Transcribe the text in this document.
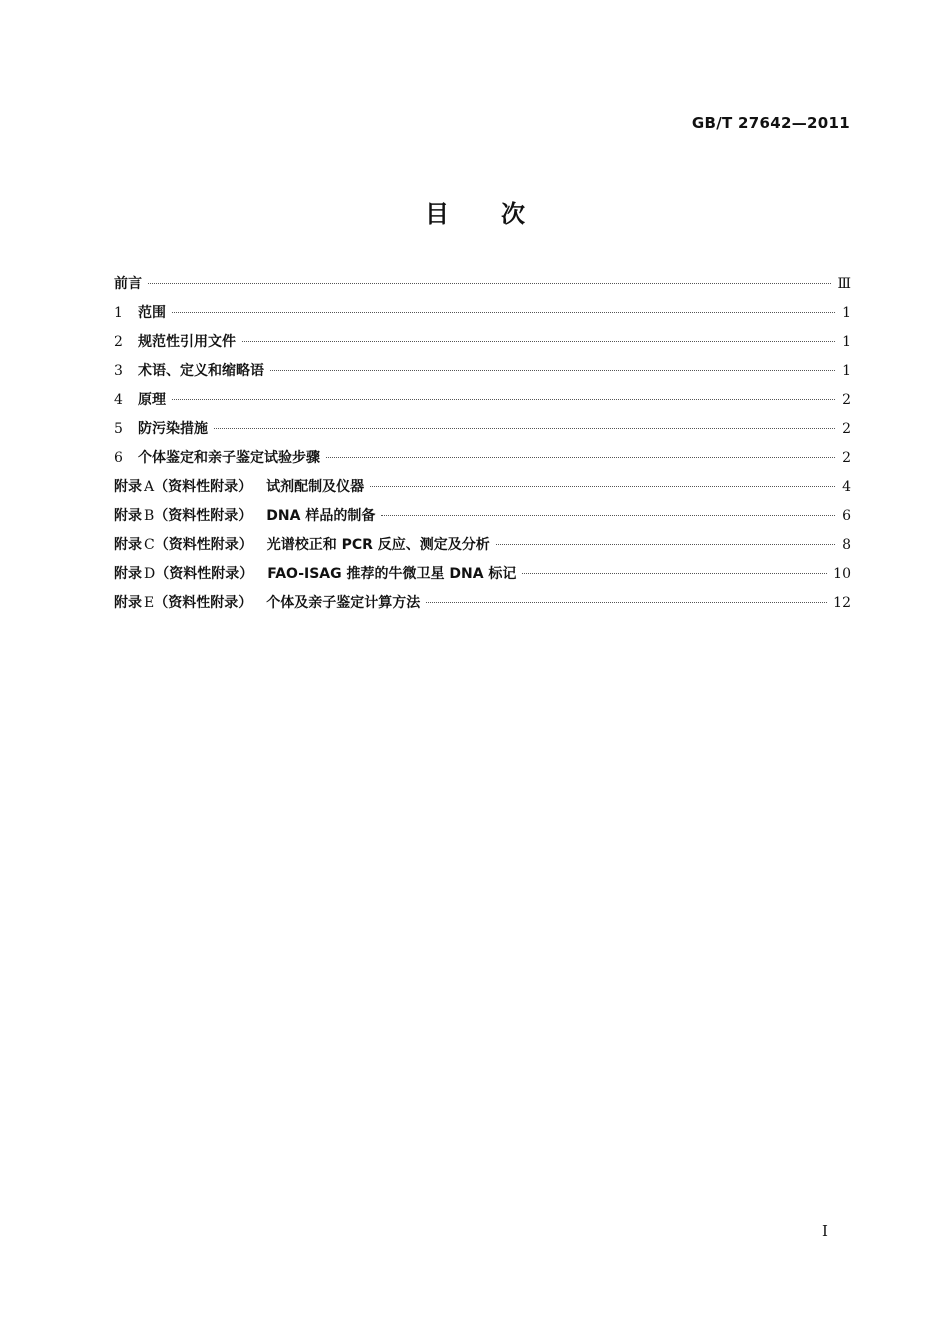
GB/T 27642—2011
目次
前言	Ⅲ
1	范围	1
2	规范性引用文件	1
3	术语、定义和缩略语	1
4	原理	2
5	防污染措施	2
6	个体鉴定和亲子鉴定试验步骤	2
附录 A（资料性附录） 试剂配制及仪器	4
附录 B（资料性附录） DNA 样品的制备	6
附录 C（资料性附录） 光谱校正和 PCR 反应、测定及分析	8
附录 D（资料性附录） FAO-ISAG 推荐的牛微卫星 DNA 标记	10
附录 E（资料性附录） 个体及亲子鉴定计算方法	12
I
